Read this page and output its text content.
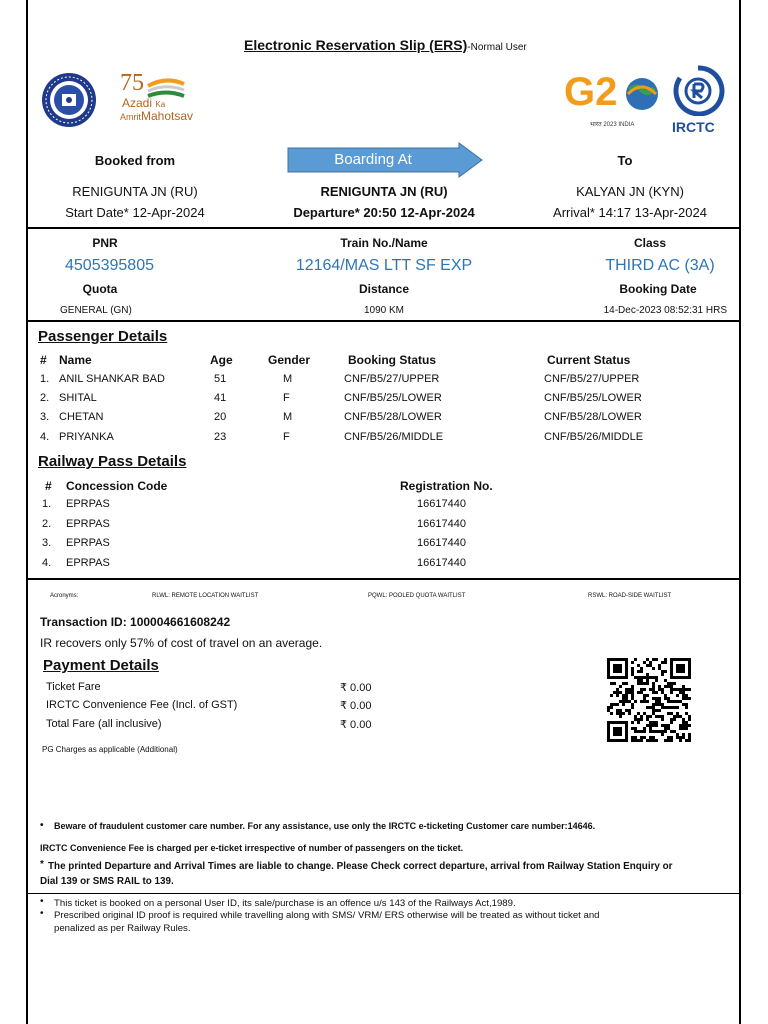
Electronic Reservation Slip (ERS)-Normal User
75
Azadi Ka
AmritMahotsav
G2
भारत 2023 INDIA	IRCTC
Booked from	Boarding At	To
RENIGUNTA JN (RU)	RENIGUNTA JN (RU)	KALYAN JN (KYN)
Start Date* 12-Apr-2024	Departure* 20:50 12-Apr-2024	Arrival* 14:17 13-Apr-2024
PNR	Train No./Name	Class
4505395805	12164/MAS LTT SF EXP	THIRD AC (3A)
Quota	Distance	Booking Date
GENERAL (GN)	1090 KM	14-Dec-2023 08:52:31 HRS
Passenger Details
# Name	Age	Gender	Booking Status	Current Status
1. ANIL SHANKAR BAD	51	M	CNF/B5/27/UPPER	CNF/B5/27/UPPER
2. SHITAL	41	F	CNF/B5/25/LOWER	CNF/B5/25/LOWER
3. CHETAN	20	M	CNF/B5/28/LOWER	CNF/B5/28/LOWER
4. PRIYANKA	23	F	CNF/B5/26/MIDDLE	CNF/B5/26/MIDDLE
Railway Pass Details
# Concession Code	Registration No.
1. EPRPAS	16617440
2. EPRPAS	16617440
3. EPRPAS	16617440
4. EPRPAS	16617440
Acronyms:	RLWL: REMOTE LOCATION WAITLIST	PQWL: POOLED QUOTA WAITLIST	RSWL: ROAD-SIDE WAITLIST
Transaction ID: 100004661608242
IR recovers only 57% of cost of travel on an average.
Payment Details
Ticket Fare	₹ 0.00
IRCTC Convenience Fee (Incl. of GST)	₹ 0.00
Total Fare (all inclusive)	₹ 0.00
PG Charges as applicable (Additional)
• Beware of fraudulent customer care number. For any assistance, use only the IRCTC e-ticketing Customer care number:14646.
IRCTC Convenience Fee is charged per e-ticket irrespective of number of passengers on the ticket.
* The printed Departure and Arrival Times are liable to change. Please Check correct departure, arrival from Railway Station Enquiry or
Dial 139 or SMS RAIL to 139.
• This ticket is booked on a personal User ID, its sale/purchase is an offence u/s 143 of the Railways Act,1989.
• Prescribed original ID proof is required while travelling along with SMS/ VRM/ ERS otherwise will be treated as without ticket and
penalized as per Railway Rules.
